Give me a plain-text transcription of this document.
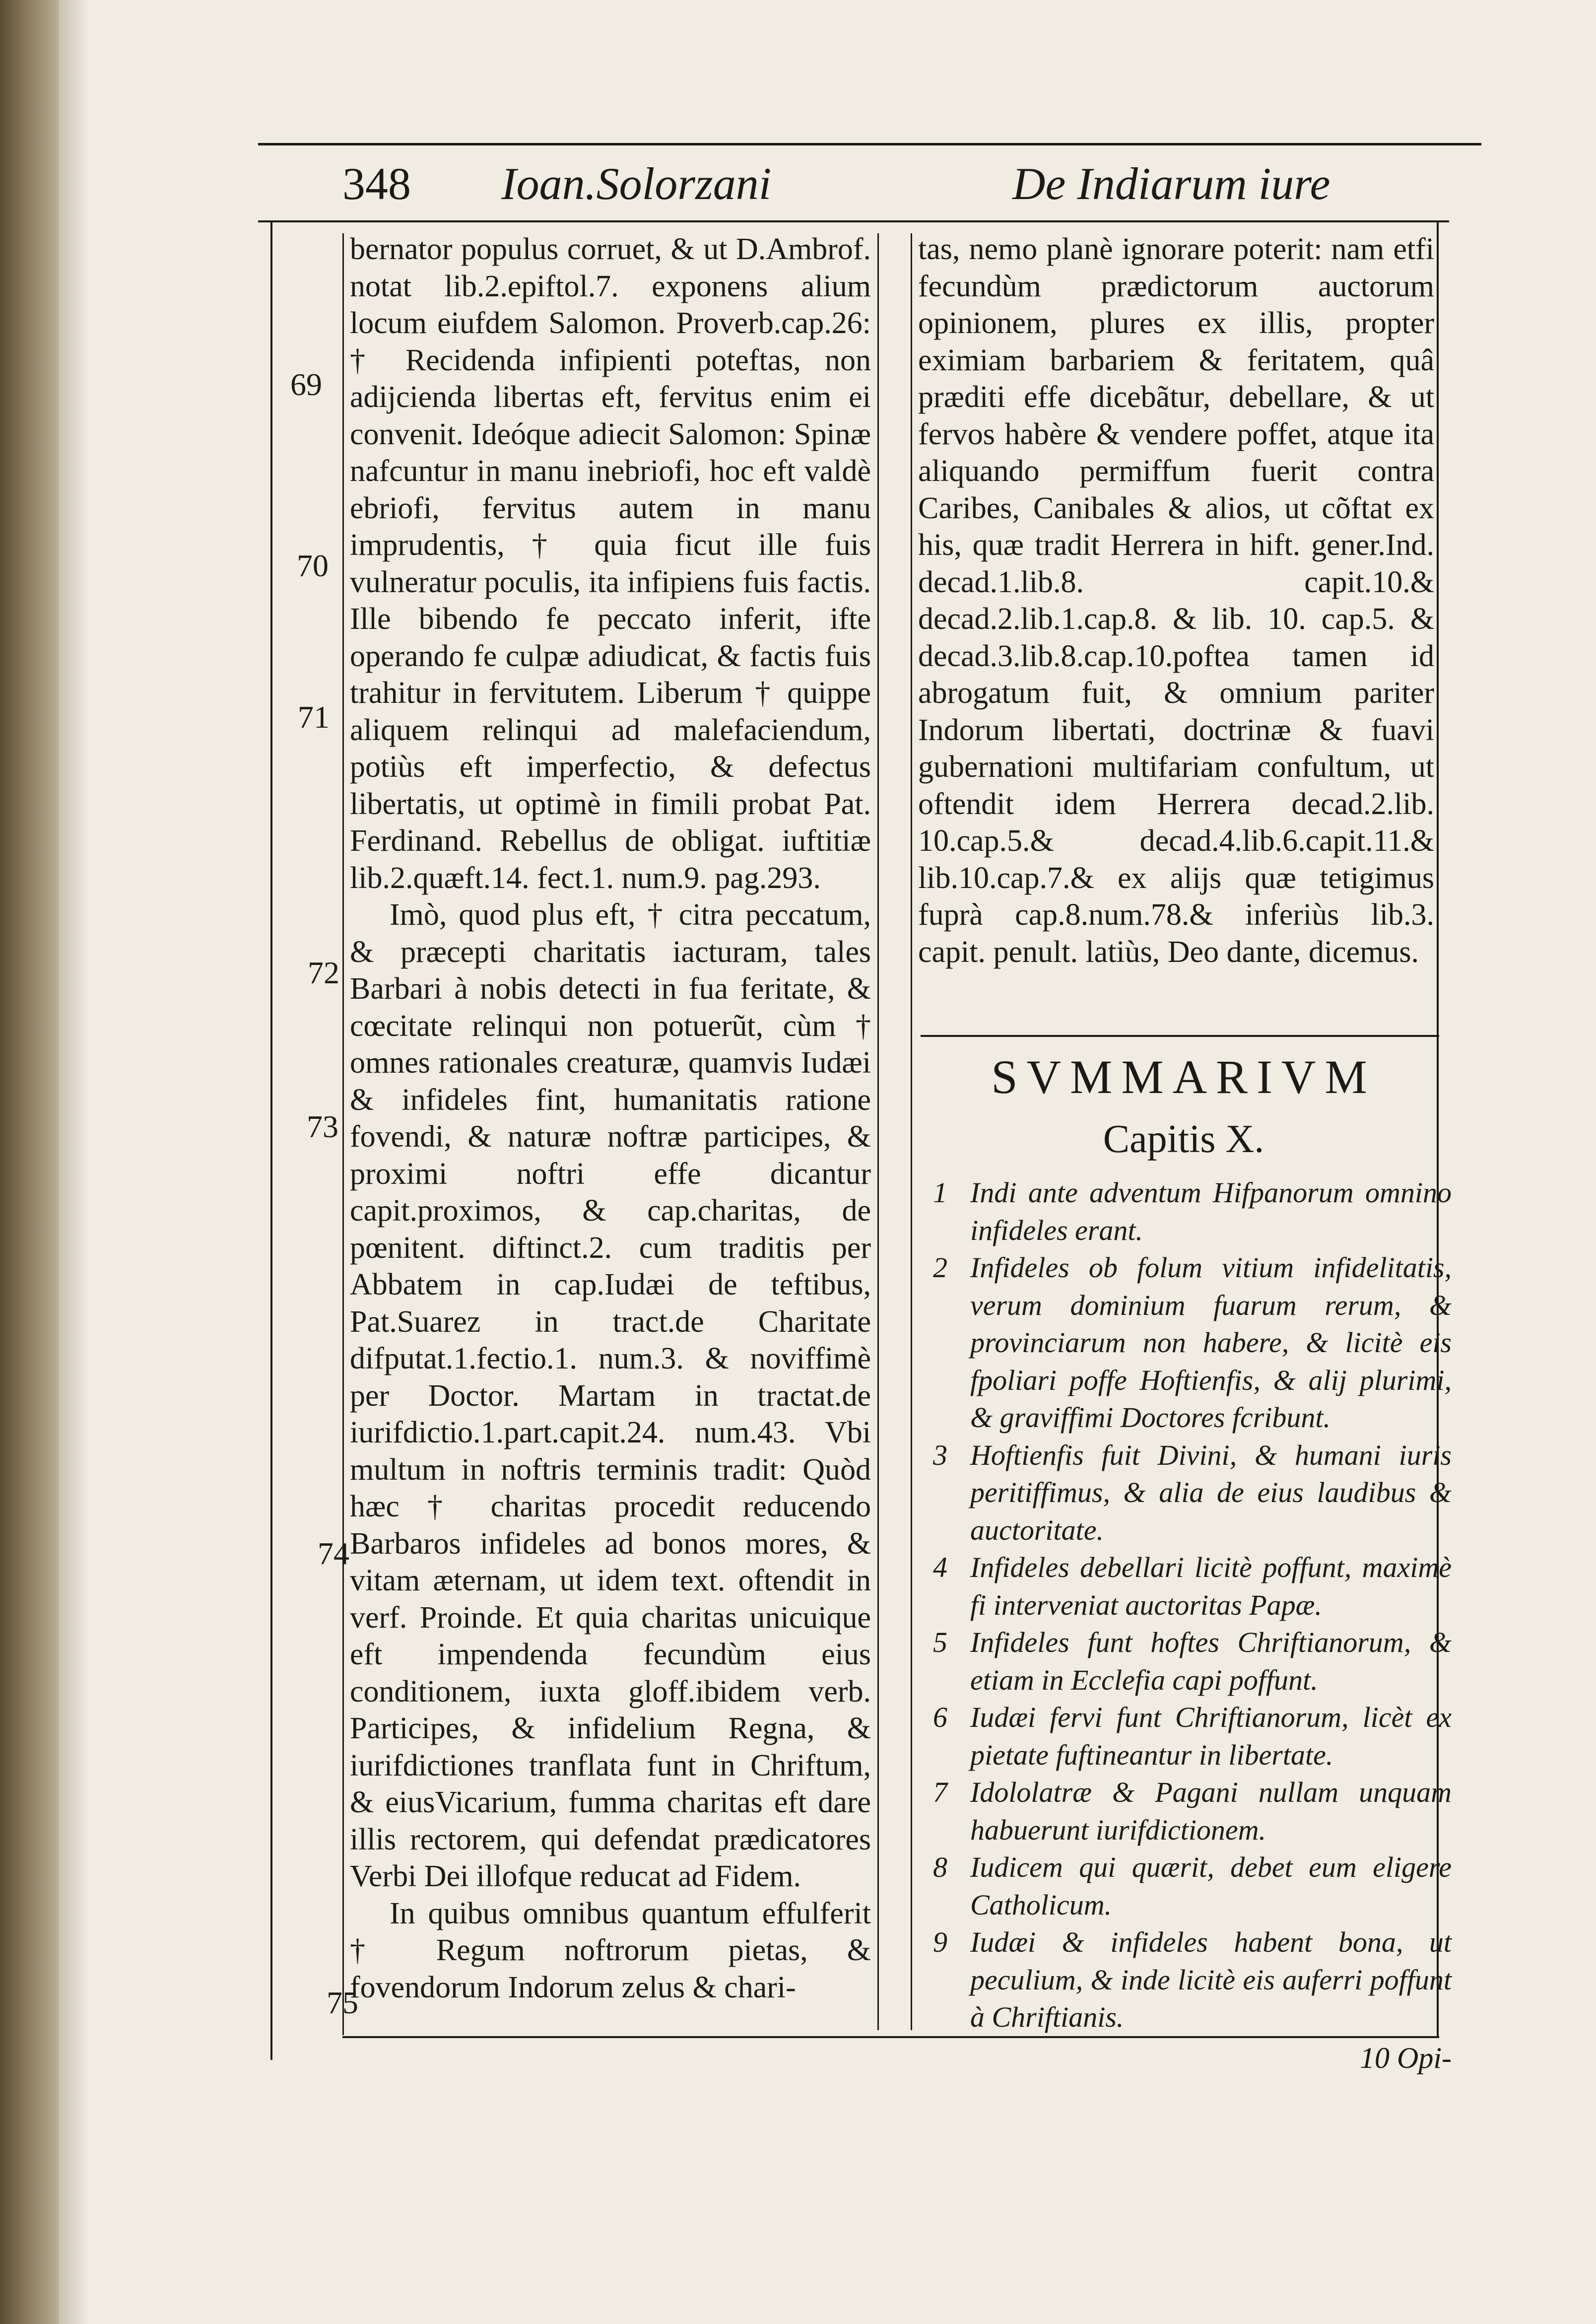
348 Ioan.Solorzani	De Indiarum iure
69
70
71
72
73
74
75

bernator populus corruet, & ut D.Ambrof. notat lib.2.epiftol.7. exponens alium locum eiufdem Salomon. Proverb.cap.26: † Recidenda infipienti poteftas, non adijcienda libertas eft, fervitus enim ei convenit. Ideóque adiecit Salomon: Spinæ nafcuntur in manu inebriofi, hoc eft valdè ebriofi, fervitus autem in manu imprudentis, † quia ficut ille fuis vulneratur poculis, ita infipiens fuis factis. Ille bibendo fe peccato inferit, ifte operando fe culpæ adiudicat, & factis fuis trahitur in fervitutem. Liberum † quippe aliquem relinqui ad malefaciendum, potiùs eft imperfectio, & defectus libertatis, ut optimè in fimili probat Pat. Ferdinand. Rebellus de obligat. iuftitiæ lib.2.quæft.14. fect.1. num.9. pag.293.

Imò, quod plus eft, † citra peccatum, & præcepti charitatis iacturam, tales Barbari à nobis detecti in fua feritate, & cœcitate relinqui non potuerũt, cùm † omnes rationales creaturæ, quamvis Iudæi & infideles fint, humanitatis ratione fovendi, & naturæ noftræ participes, & proximi noftri effe dicantur capit.proximos, & cap.charitas, de pœnitent. diftinct.2. cum traditis per Abbatem in cap.Iudæi de teftibus, Pat.Suarez in tract.de Charitate difputat.1.fectio.1. num.3. & noviffimè per Doctor. Martam in tractat.de iurifdictio.1.part.capit.24. num.43. Vbi multum in noftris terminis tradit: Quòd hæc † charitas procedit reducendo Barbaros infideles ad bonos mores, & vitam æternam, ut idem text. oftendit in verf. Proinde. Et quia charitas unicuique eft impendenda fecundùm eius conditionem, iuxta gloff.ibidem verb. Participes, & infidelium Regna, & iurifdictiones tranflata funt in Chriftum, & eiusVicarium, fumma charitas eft dare illis rectorem, qui defendat prædicatores Verbi Dei illofque reducat ad Fidem.

In quibus omnibus quantum effulferit † Regum noftrorum pietas, & fovendorum Indorum zelus & chari-

tas, nemo planè ignorare poterit: nam etfi fecundùm prædictorum auctorum opinionem, plures ex illis, propter eximiam barbariem & feritatem, quâ præditi effe dicebãtur, debellare, & ut fervos habère & vendere poffet, atque ita aliquando permiffum fuerit contra Caribes, Canibales & alios, ut cõftat ex his, quæ tradit Herrera in hift. gener.Ind. decad.1.lib.8. capit.10.& decad.2.lib.1.cap.8. & lib. 10. cap.5. & decad.3.lib.8.cap.10.poftea tamen id abrogatum fuit, & omnium pariter Indorum libertati, doctrinæ & fuavi gubernationi multifariam confultum, ut oftendit idem Herrera decad.2.lib. 10.cap.5.& decad.4.lib.6.capit.11.& lib.10.cap.7.& ex alijs quæ tetigimus fuprà cap.8.num.78.& inferiùs lib.3. capit. penult. latiùs, Deo dante, dicemus.

SVMMARIVM
Capitis X.
1 Indi ante adventum Hifpanorum omnino infideles erant.
2 Infideles ob folum vitium infidelitatis, verum dominium fuarum rerum, & provinciarum non habere, & licitè eis fpoliari poffe Hoftienfis, & alij plurimi, & graviffimi Doctores fcribunt.
3 Hoftienfis fuit Divini, & humani iuris peritiffimus, & alia de eius laudibus & auctoritate.
4 Infideles debellari licitè poffunt, maximè fi interveniat auctoritas Papæ.
5 Infideles funt hoftes Chriftianorum, & etiam in Ecclefia capi poffunt.
6 Iudæi fervi funt Chriftianorum, licèt ex pietate fuftineantur in libertate.
7 Idololatræ & Pagani nullam unquam habuerunt iurifdictionem.
8 Iudicem qui quærit, debet eum eligere Catholicum.
9 Iudæi & infideles habent bona, ut peculium, & inde licitè eis auferri poffunt à Chriftianis.
10 Opi-
